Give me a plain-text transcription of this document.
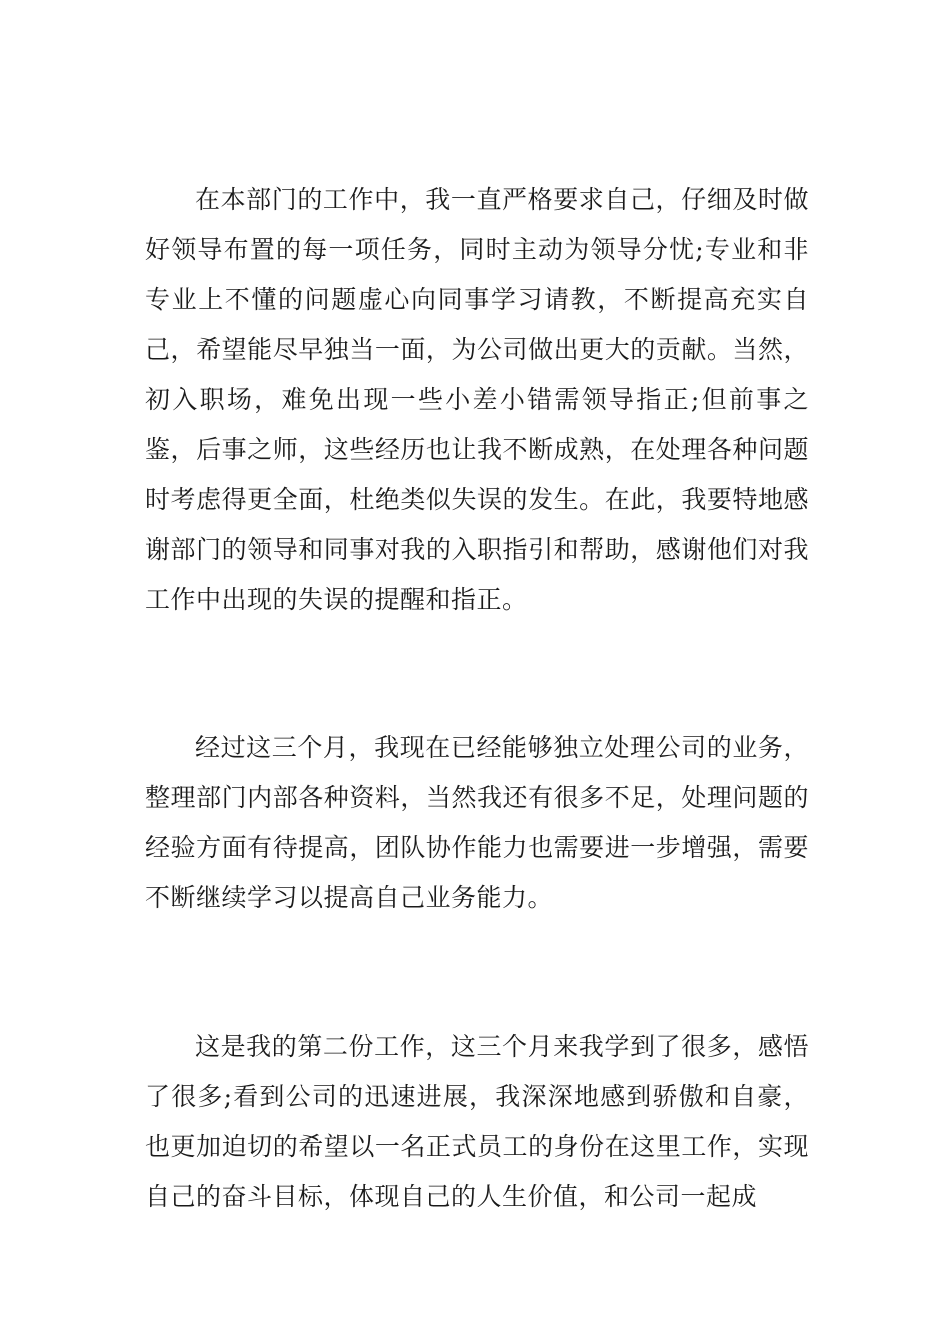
在本部门的工作中，我一直严格要求自己，仔细及时做好领导布置的每一项任务，同时主动为领导分忧;专业和非专业上不懂的问题虚心向同事学习请教，不断提高充实自己，希望能尽早独当一面，为公司做出更大的贡献。当然，初入职场，难免出现一些小差小错需领导指正;但前事之鉴，后事之师，这些经历也让我不断成熟，在处理各种问题时考虑得更全面，杜绝类似失误的发生。在此，我要特地感谢部门的领导和同事对我的入职指引和帮助，感谢他们对我工作中出现的失误的提醒和指正。

经过这三个月，我现在已经能够独立处理公司的业务，整理部门内部各种资料，当然我还有很多不足，处理问题的经验方面有待提高，团队协作能力也需要进一步增强，需要不断继续学习以提高自己业务能力。

这是我的第二份工作，这三个月来我学到了很多，感悟了很多;看到公司的迅速进展，我深深地感到骄傲和自豪，也更加迫切的希望以一名正式员工的身份在这里工作，实现自己的奋斗目标，体现自己的人生价值，和公司一起成
